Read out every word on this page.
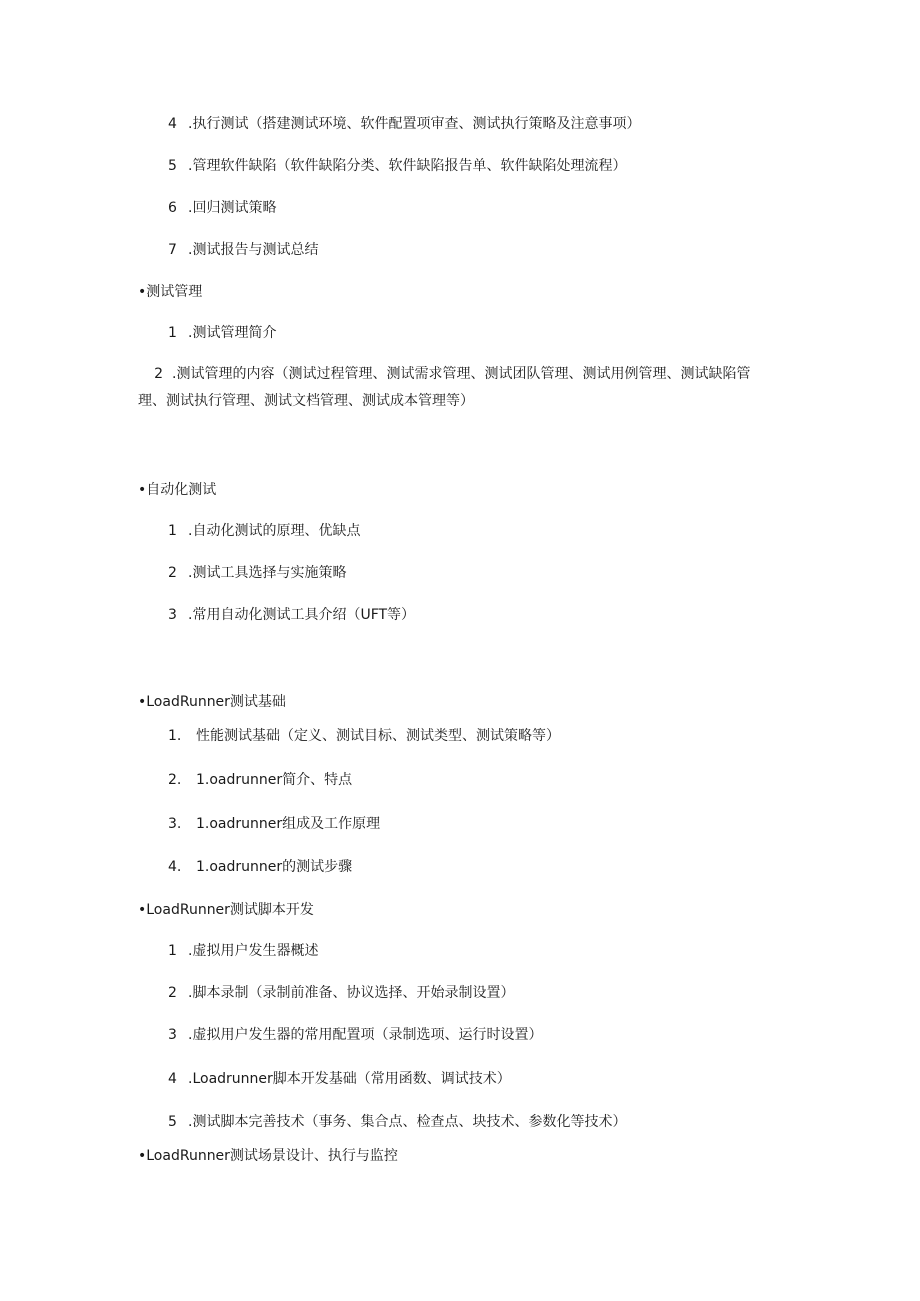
4 .执行测试（搭建测试环境、软件配置项审查、测试执行策略及注意事项）

5 .管理软件缺陷（软件缺陷分类、软件缺陷报告单、软件缺陷处理流程）

6 .回归测试策略

7 .测试报告与测试总结

•测试管理

1 .测试管理简介

2 .测试管理的内容（测试过程管理、测试需求管理、测试团队管理、测试用例管理、测试缺陷管理、测试执行管理、测试文档管理、测试成本管理等）

•自动化测试

1 .自动化测试的原理、优缺点

2 .测试工具选择与实施策略

3 .常用自动化测试工具介绍（UFT等）

•LoadRunner测试基础

1. 性能测试基础（定义、测试目标、测试类型、测试策略等）

2. 1.oadrunner简介、特点

3. 1.oadrunner组成及工作原理

4. 1.oadrunner的测试步骤

•LoadRunner测试脚本开发

1 .虚拟用户发生器概述

2 .脚本录制（录制前准备、协议选择、开始录制设置）

3 .虚拟用户发生器的常用配置项（录制选项、运行时设置）

4 .Loadrunner脚本开发基础（常用函数、调试技术）

5 .测试脚本完善技术（事务、集合点、检查点、块技术、参数化等技术）

•LoadRunner测试场景设计、执行与监控
